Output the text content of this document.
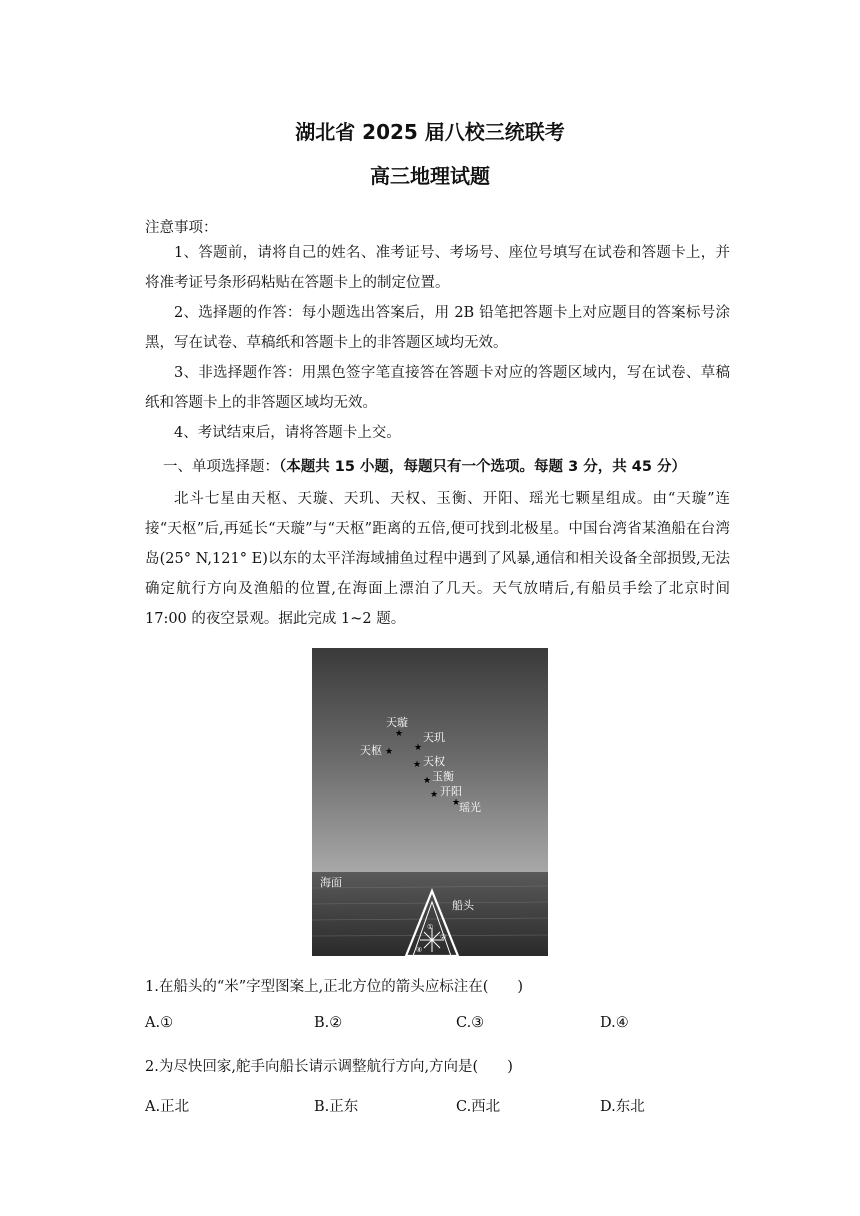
湖北省 2025 届八校三统联考
高三地理试题
注意事项：
1、答题前，请将自己的姓名、准考证号、考场号、座位号填写在试卷和答题卡上，并将准考证号条形码粘贴在答题卡上的制定位置。
2、选择题的作答：每小题选出答案后，用 2B 铅笔把答题卡上对应题目的答案标号涂黑，写在试卷、草稿纸和答题卡上的非答题区域均无效。
3、非选择题作答：用黑色签字笔直接答在答题卡对应的答题区域内，写在试卷、草稿纸和答题卡上的非答题区域均无效。
4、考试结束后，请将答题卡上交。
一、单项选择题：（本题共 15 小题，每题只有一个选项。每题 3 分，共 45 分）
北斗七星由天枢、天璇、天玑、天权、玉衡、开阳、瑶光七颗星组成。由“天璇”连接“天枢”后,再延长“天璇”与“天枢”距离的五倍,便可找到北极星。中国台湾省某渔船在台湾岛(25° N,121° E)以东的太平洋海域捕鱼过程中遇到了风暴,通信和相关设备全部损毁,无法确定航行方向及渔船的位置,在海面上漂泊了几天。天气放晴后,有船员手绘了北京时间 17:00 的夜空景观。据此完成 1~2 题。
★
★ ★
★
★
★
★
天璇
天枢
天玑
天权
玉衡
开阳
瑶光
海面
船头
①
②
④
1.在船头的“米”字型图案上,正北方位的箭头应标注在(　　)
A.①	B.②	C.③	D.④
2.为尽快回家,舵手向船长请示调整航行方向,方向是(　　)
A.正北	B.正东	C.西北	D.东北
